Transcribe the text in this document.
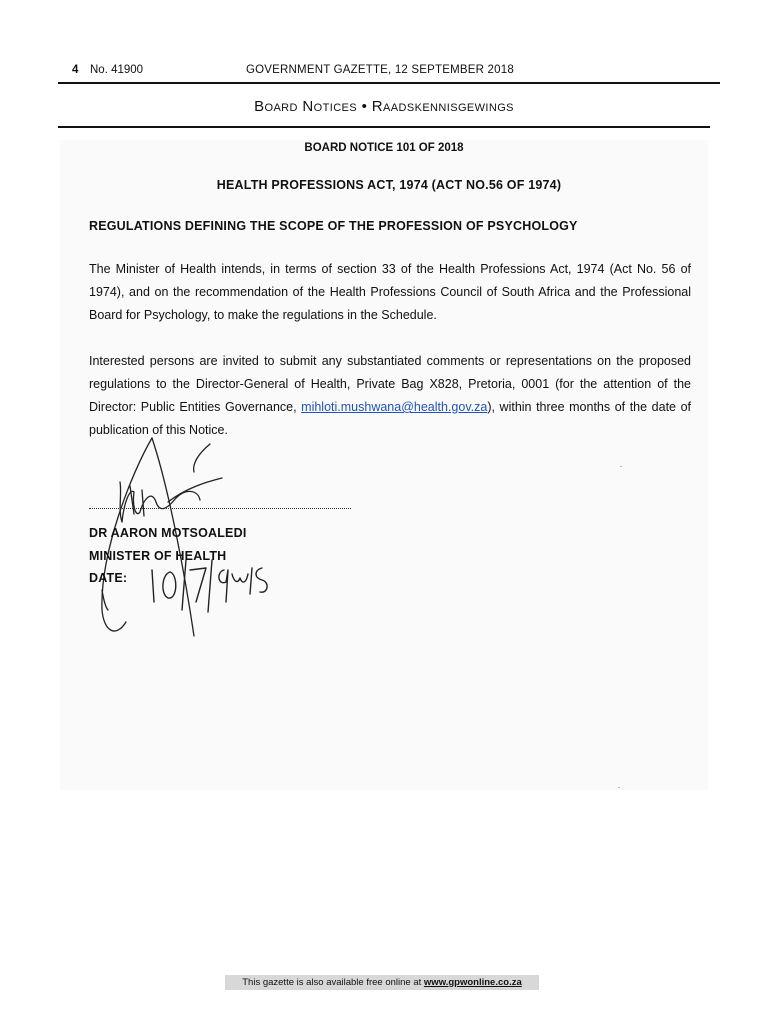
4 No. 41900	GOVERNMENT GAZETTE, 12 SEPTEMBER 2018
Board Notices • Raadskennisgewings
BOARD NOTICE 101 OF 2018
HEALTH PROFESSIONS ACT, 1974 (ACT NO.56 OF 1974)
REGULATIONS DEFINING THE SCOPE OF THE PROFESSION OF PSYCHOLOGY
The Minister of Health intends, in terms of section 33 of the Health Professions Act, 1974 (Act No. 56 of 1974), and on the recommendation of the Health Professions Council of South Africa and the Professional Board for Psychology, to make the regulations in the Schedule.
Interested persons are invited to submit any substantiated comments or representations on the proposed regulations to the Director-General of Health, Private Bag X828, Pretoria, 0001 (for the attention of the Director: Public Entities Governance, mihloti.mushwana@health.gov.za), within three months of the date of publication of this Notice.
DR AARON MOTSOALEDI
MINISTER OF HEALTH
DATE:
This gazette is also available free online at www.gpwonline.co.za
